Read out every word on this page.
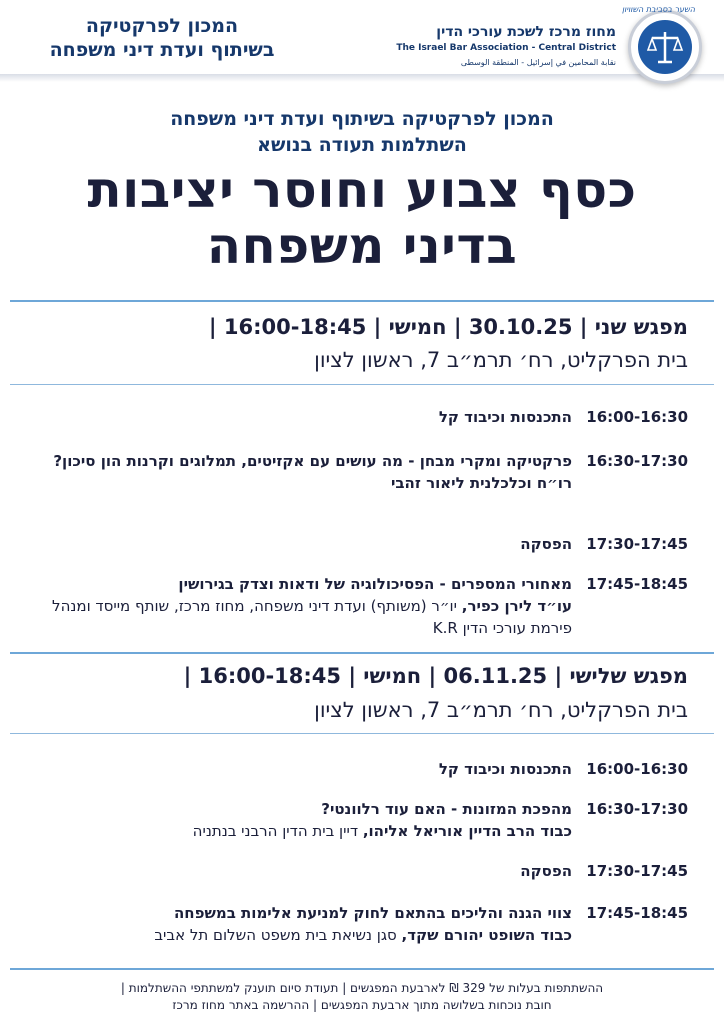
המכון לפרקטיקה
בשיתוף ועדת דיני משפחה
השער בסביבת השוויון
מחוז מרכז לשכת עורכי הדין
The Israel Bar Association - Central District
نقابة المحامين في إسرائيل - المنطقة الوسطى
המכון לפרקטיקה בשיתוף ועדת דיני משפחה
השתלמות תעודה בנושא
כסף צבוע וחוסר יציבות
בדיני משפחה
מפגש שני | 30.10.25 | חמישי | 16:00-18:45 |
בית הפרקליט, רח׳ תרמ״ב 7, ראשון לציון
16:00-16:30
התכנסות וכיבוד קל
16:30-17:30
פרקטיקה ומקרי מבחן - מה עושים עם אקזיטים, תמלוגים וקרנות הון סיכון?
רו״ח וכלכלנית ליאור זהבי
17:30-17:45
הפסקה
17:45-18:45
מאחורי המספרים - הפסיכולוגיה של ודאות וצדק בגירושין
עו״ד לירן כפיר, יו״ר (משותף) ועדת דיני משפחה, מחוז מרכז, שותף מייסד ומנהל פירמת עורכי הדין K.R
מפגש שלישי | 06.11.25 | חמישי | 16:00-18:45 |
בית הפרקליט, רח׳ תרמ״ב 7, ראשון לציון
16:00-16:30
התכנסות וכיבוד קל
16:30-17:30
מהפכת המזונות - האם עוד רלוונטי?
כבוד הרב הדיין אוריאל אליהו, דיין בית הדין הרבני בנתניה
17:30-17:45
הפסקה
17:45-18:45
צווי הגנה והליכים בהתאם לחוק למניעת אלימות במשפחה
כבוד השופט יהורם שקד, סגן נשיאת בית משפט השלום תל אביב
ההשתתפות בעלות של 329 ₪ לארבעת המפגשים | תעודת סיום תוענק למשתתפי ההשתלמות |
חובת נוכחות בשלושה מתוך ארבעת המפגשים | ההרשמה באתר מחוז מרכז
